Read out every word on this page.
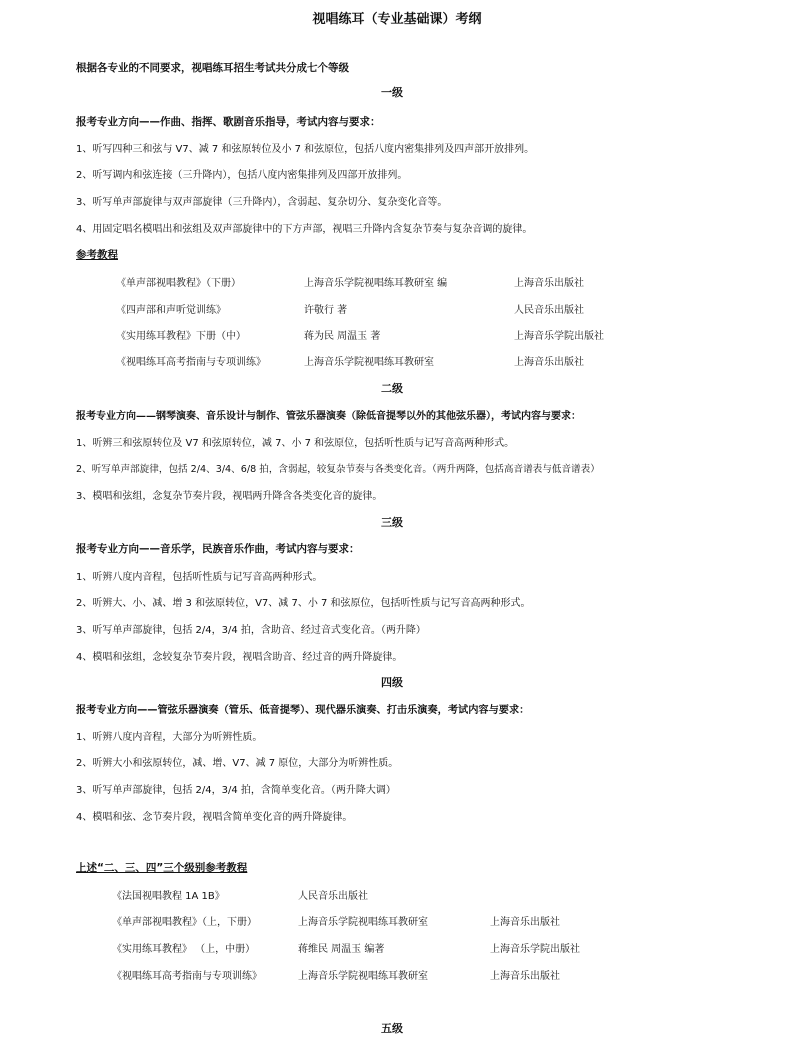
视唱练耳（专业基础课）考纲
根据各专业的不同要求，视唱练耳招生考试共分成七个等级
一级
报考专业方向——作曲、指挥、歌剧音乐指导，考试内容与要求：
1、听写四种三和弦与 V7、减 7 和弦原转位及小 7 和弦原位，包括八度内密集排列及四声部开放排列。
2、听写调内和弦连接（三升降内），包括八度内密集排列及四部开放排列。
3、听写单声部旋律与双声部旋律（三升降内），含弱起、复杂切分、复杂变化音等。
4、用固定唱名模唱出和弦组及双声部旋律中的下方声部，视唱三升降内含复杂节奏与复杂音调的旋律。
参考教程
《单声部视唱教程》（下册）	上海音乐学院视唱练耳教研室 编	上海音乐出版社
《四声部和声听觉训练》	许敬行 著	人民音乐出版社
《实用练耳教程》下册（中）	蒋为民 周温玉 著	上海音乐学院出版社
《视唱练耳高考指南与专项训练》	上海音乐学院视唱练耳教研室	上海音乐出版社
二级
报考专业方向——钢琴演奏、音乐设计与制作、管弦乐器演奏（除低音提琴以外的其他弦乐器），考试内容与要求：
1、听辨三和弦原转位及 V7 和弦原转位，减 7、小 7 和弦原位，包括听性质与记写音高两种形式。
2、听写单声部旋律，包括 2/4、3/4、6/8 拍，含弱起，较复杂节奏与各类变化音。（两升两降，包括高音谱表与低音谱表）
3、模唱和弦组，念复杂节奏片段，视唱两升降含各类变化音的旋律。
三级
报考专业方向——音乐学，民族音乐作曲，考试内容与要求：
1、听辨八度内音程，包括听性质与记写音高两种形式。
2、听辨大、小、减、增 3 和弦原转位，V7、减 7、小 7 和弦原位，包括听性质与记写音高两种形式。
3、听写单声部旋律，包括 2/4，3/4 拍，含助音、经过音式变化音。（两升降）
4、模唱和弦组，念较复杂节奏片段，视唱含助音、经过音的两升降旋律。
四级
报考专业方向——管弦乐器演奏（管乐、低音提琴）、现代器乐演奏、打击乐演奏，考试内容与要求：
1、听辨八度内音程，大部分为听辨性质。
2、听辨大小和弦原转位，减、增、V7、减 7 原位，大部分为听辨性质。
3、听写单声部旋律，包括 2/4，3/4 拍，含简单变化音。（两升降大调）
4、模唱和弦、念节奏片段，视唱含简单变化音的两升降旋律。
上述“二、三、四”三个级别参考教程
《法国视唱教程 1A 1B》	人民音乐出版社
《单声部视唱教程》（上，下册）	上海音乐学院视唱练耳教研室	上海音乐出版社
《实用练耳教程》 （上，中册）	蒋维民 周温玉 编著	上海音乐学院出版社
《视唱练耳高考指南与专项训练》	上海音乐学院视唱练耳教研室	上海音乐出版社
五级
